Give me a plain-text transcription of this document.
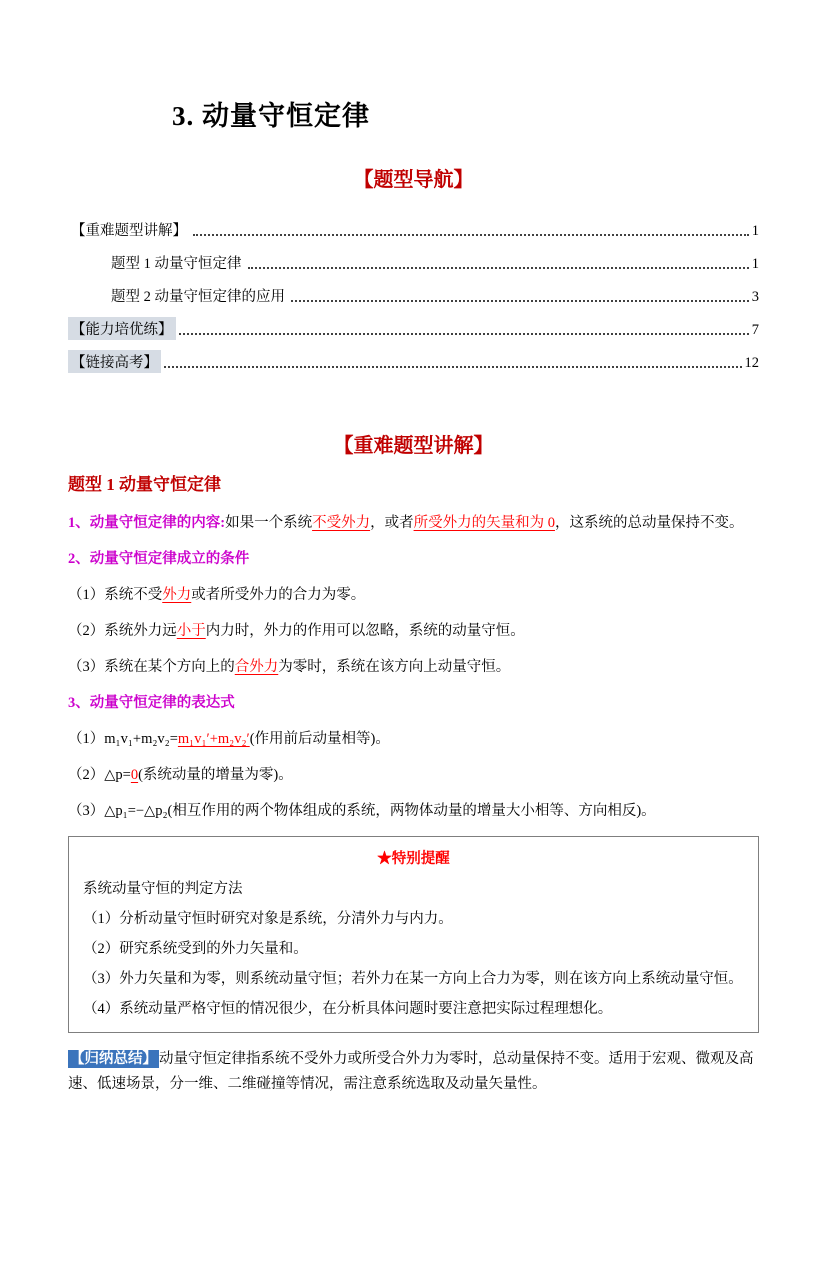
3. 动量守恒定律
【题型导航】
【重难题型讲解】	1
题型 1 动量守恒定律	1
题型 2 动量守恒定律的应用	3
【能力培优练】	7
【链接高考】	12
【重难题型讲解】
题型 1 动量守恒定律

1、动量守恒定律的内容:如果一个系统不受外力，或者所受外力的矢量和为 0，这系统的总动量保持不变。

2、动量守恒定律成立的条件

（1）系统不受外力或者所受外力的合力为零。

（2）系统外力远小于内力时，外力的作用可以忽略，系统的动量守恒。

（3）系统在某个方向上的合外力为零时，系统在该方向上动量守恒。

3、动量守恒定律的表达式

（1）m₁v₁+m₂v₂=m₁v₁′+m₂v₂′(作用前后动量相等)。

（2）△p=0(系统动量的增量为零)。

（3）△p₁=−△p₂(相互作用的两个物体组成的系统，两物体动量的增量大小相等、方向相反)。

★特别提醒

系统动量守恒的判定方法

（1）分析动量守恒时研究对象是系统，分清外力与内力。

（2）研究系统受到的外力矢量和。

（3）外力矢量和为零，则系统动量守恒；若外力在某一方向上合力为零，则在该方向上系统动量守恒。

（4）系统动量严格守恒的情况很少，在分析具体问题时要注意把实际过程理想化。

【归纳总结】 动量守恒定律指系统不受外力或所受合外力为零时，总动量保持不变。适用于宏观、微观及高速、低速场景，分一维、二维碰撞等情况，需注意系统选取及动量矢量性。
